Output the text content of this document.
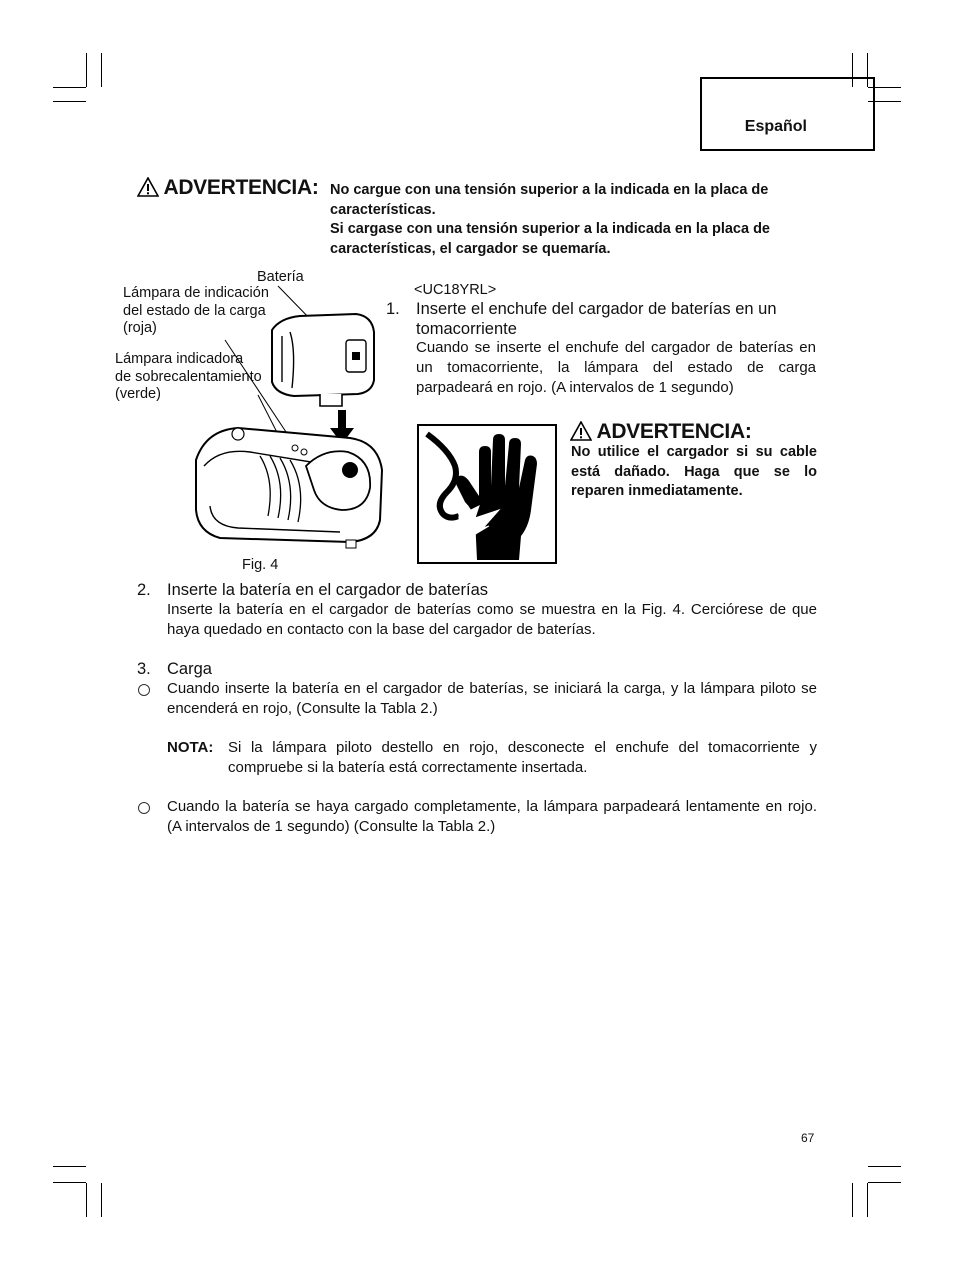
Español
ADVERTENCIA: No cargue con una tensión superior a la indicada en la placa de características.
Si cargase con una tensión superior a la indicada en la placa de características, el cargador se quemaría.
Batería
Lámpara de indicación del estado de la carga (roja)
Lámpara indicadora de sobrecalentamiento (verde)
Fig. 4
<UC18YRL>
1. Inserte el enchufe del cargador de baterías en un tomacorriente
Cuando se inserte el enchufe del cargador de baterías en un tomacorriente, la lámpara del estado de carga parpadeará en rojo. (A intervalos de 1 segundo)
ADVERTENCIA:
No utilice el cargador si su cable está dañado. Haga que se lo reparen inmediatamente.
2. Inserte la batería en el cargador de baterías
Inserte la batería en el cargador de baterías como se muestra en la Fig. 4. Cerciórese de que haya quedado en contacto con la base del cargador de baterías.
3. Carga
Cuando inserte la batería en el cargador de baterías, se iniciará la carga, y la lámpara piloto se encenderá en rojo, (Consulte la Tabla 2.)
NOTA: Si la lámpara piloto destello en rojo, desconecte el enchufe del tomacorriente y compruebe si la batería está correctamente insertada.
Cuando la batería se haya cargado completamente, la lámpara parpadeará lentamente en rojo. (A intervalos de 1 segundo) (Consulte la Tabla 2.)
67
